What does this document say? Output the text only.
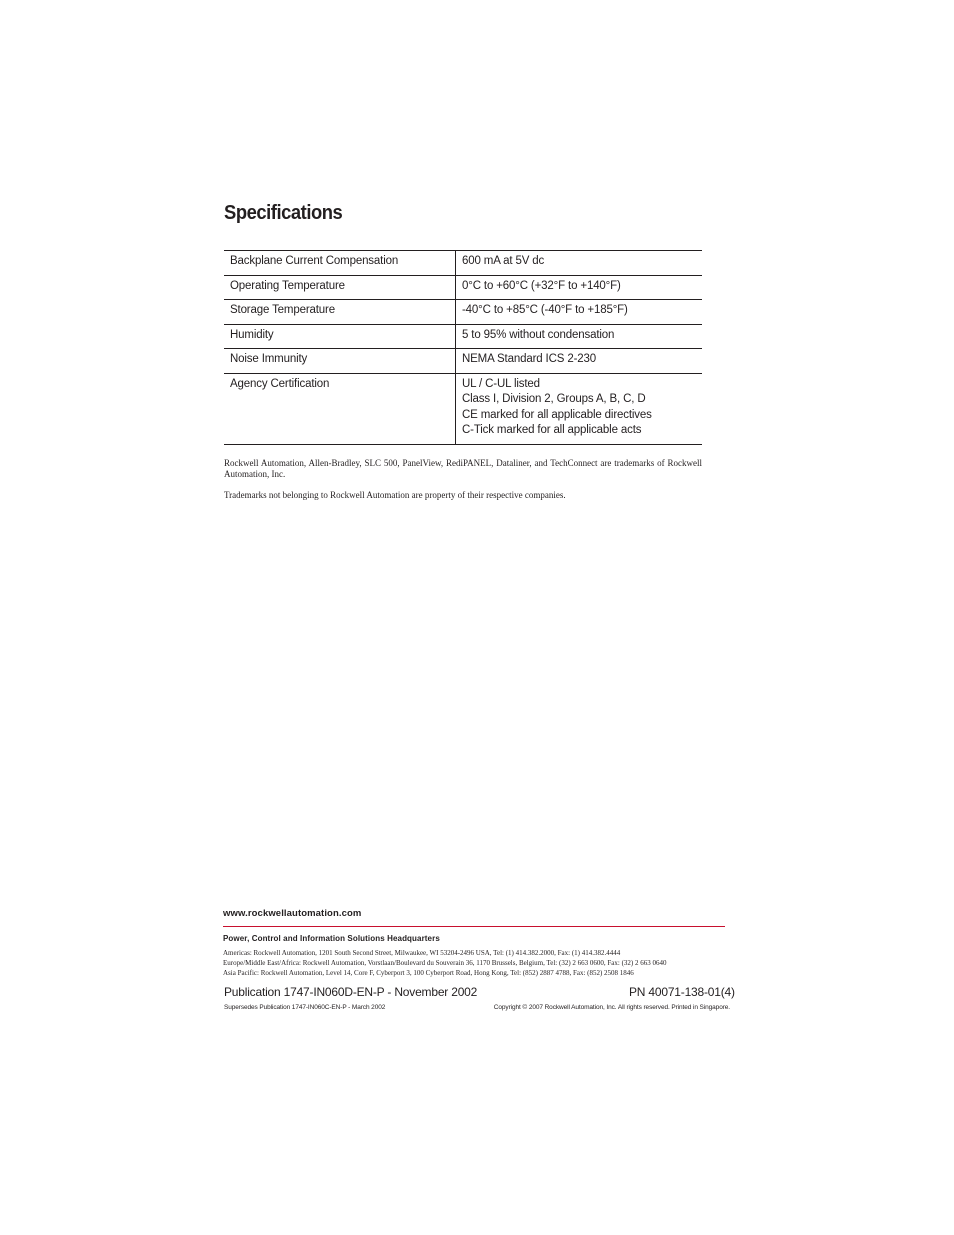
Specifications
Backplane Current Compensation	600 mA at 5V dc

Operating Temperature	0°C to +60°C (+32°F to +140°F)

Storage Temperature	-40°C to +85°C (-40°F to +185°F)

Humidity	5 to 95% without condensation

Noise Immunity	NEMA Standard ICS 2-230

Agency Certification	UL / C-UL listed
Class I, Division 2, Groups A, B, C, D
CE marked for all applicable directives
C-Tick marked for all applicable acts

Rockwell Automation, Allen-Bradley, SLC 500, PanelView, RediPANEL, Dataliner, and TechConnect are trademarks of Rockwell Automation, Inc.

Trademarks not belonging to Rockwell Automation are property of their respective companies.

www.rockwellautomation.com
Power, Control and Information Solutions Headquarters
Americas: Rockwell Automation, 1201 South Second Street, Milwaukee, WI 53204-2496 USA, Tel: (1) 414.382.2000, Fax: (1) 414.382.4444
Europe/Middle East/Africa: Rockwell Automation, Vorstlaan/Boulevard du Souverain 36, 1170 Brussels, Belgium, Tel: (32) 2 663 0600, Fax: (32) 2 663 0640
Asia Pacific: Rockwell Automation, Level 14, Core F, Cyberport 3, 100 Cyberport Road, Hong Kong, Tel: (852) 2887 4788, Fax: (852) 2508 1846
Publication 1747-IN060D-EN-P - November 2002	PN 40071-138-01(4)
Supersedes Publication 1747-IN060C-EN-P - March 2002	Copyright © 2007 Rockwell Automation, Inc. All rights reserved. Printed in Singapore.
